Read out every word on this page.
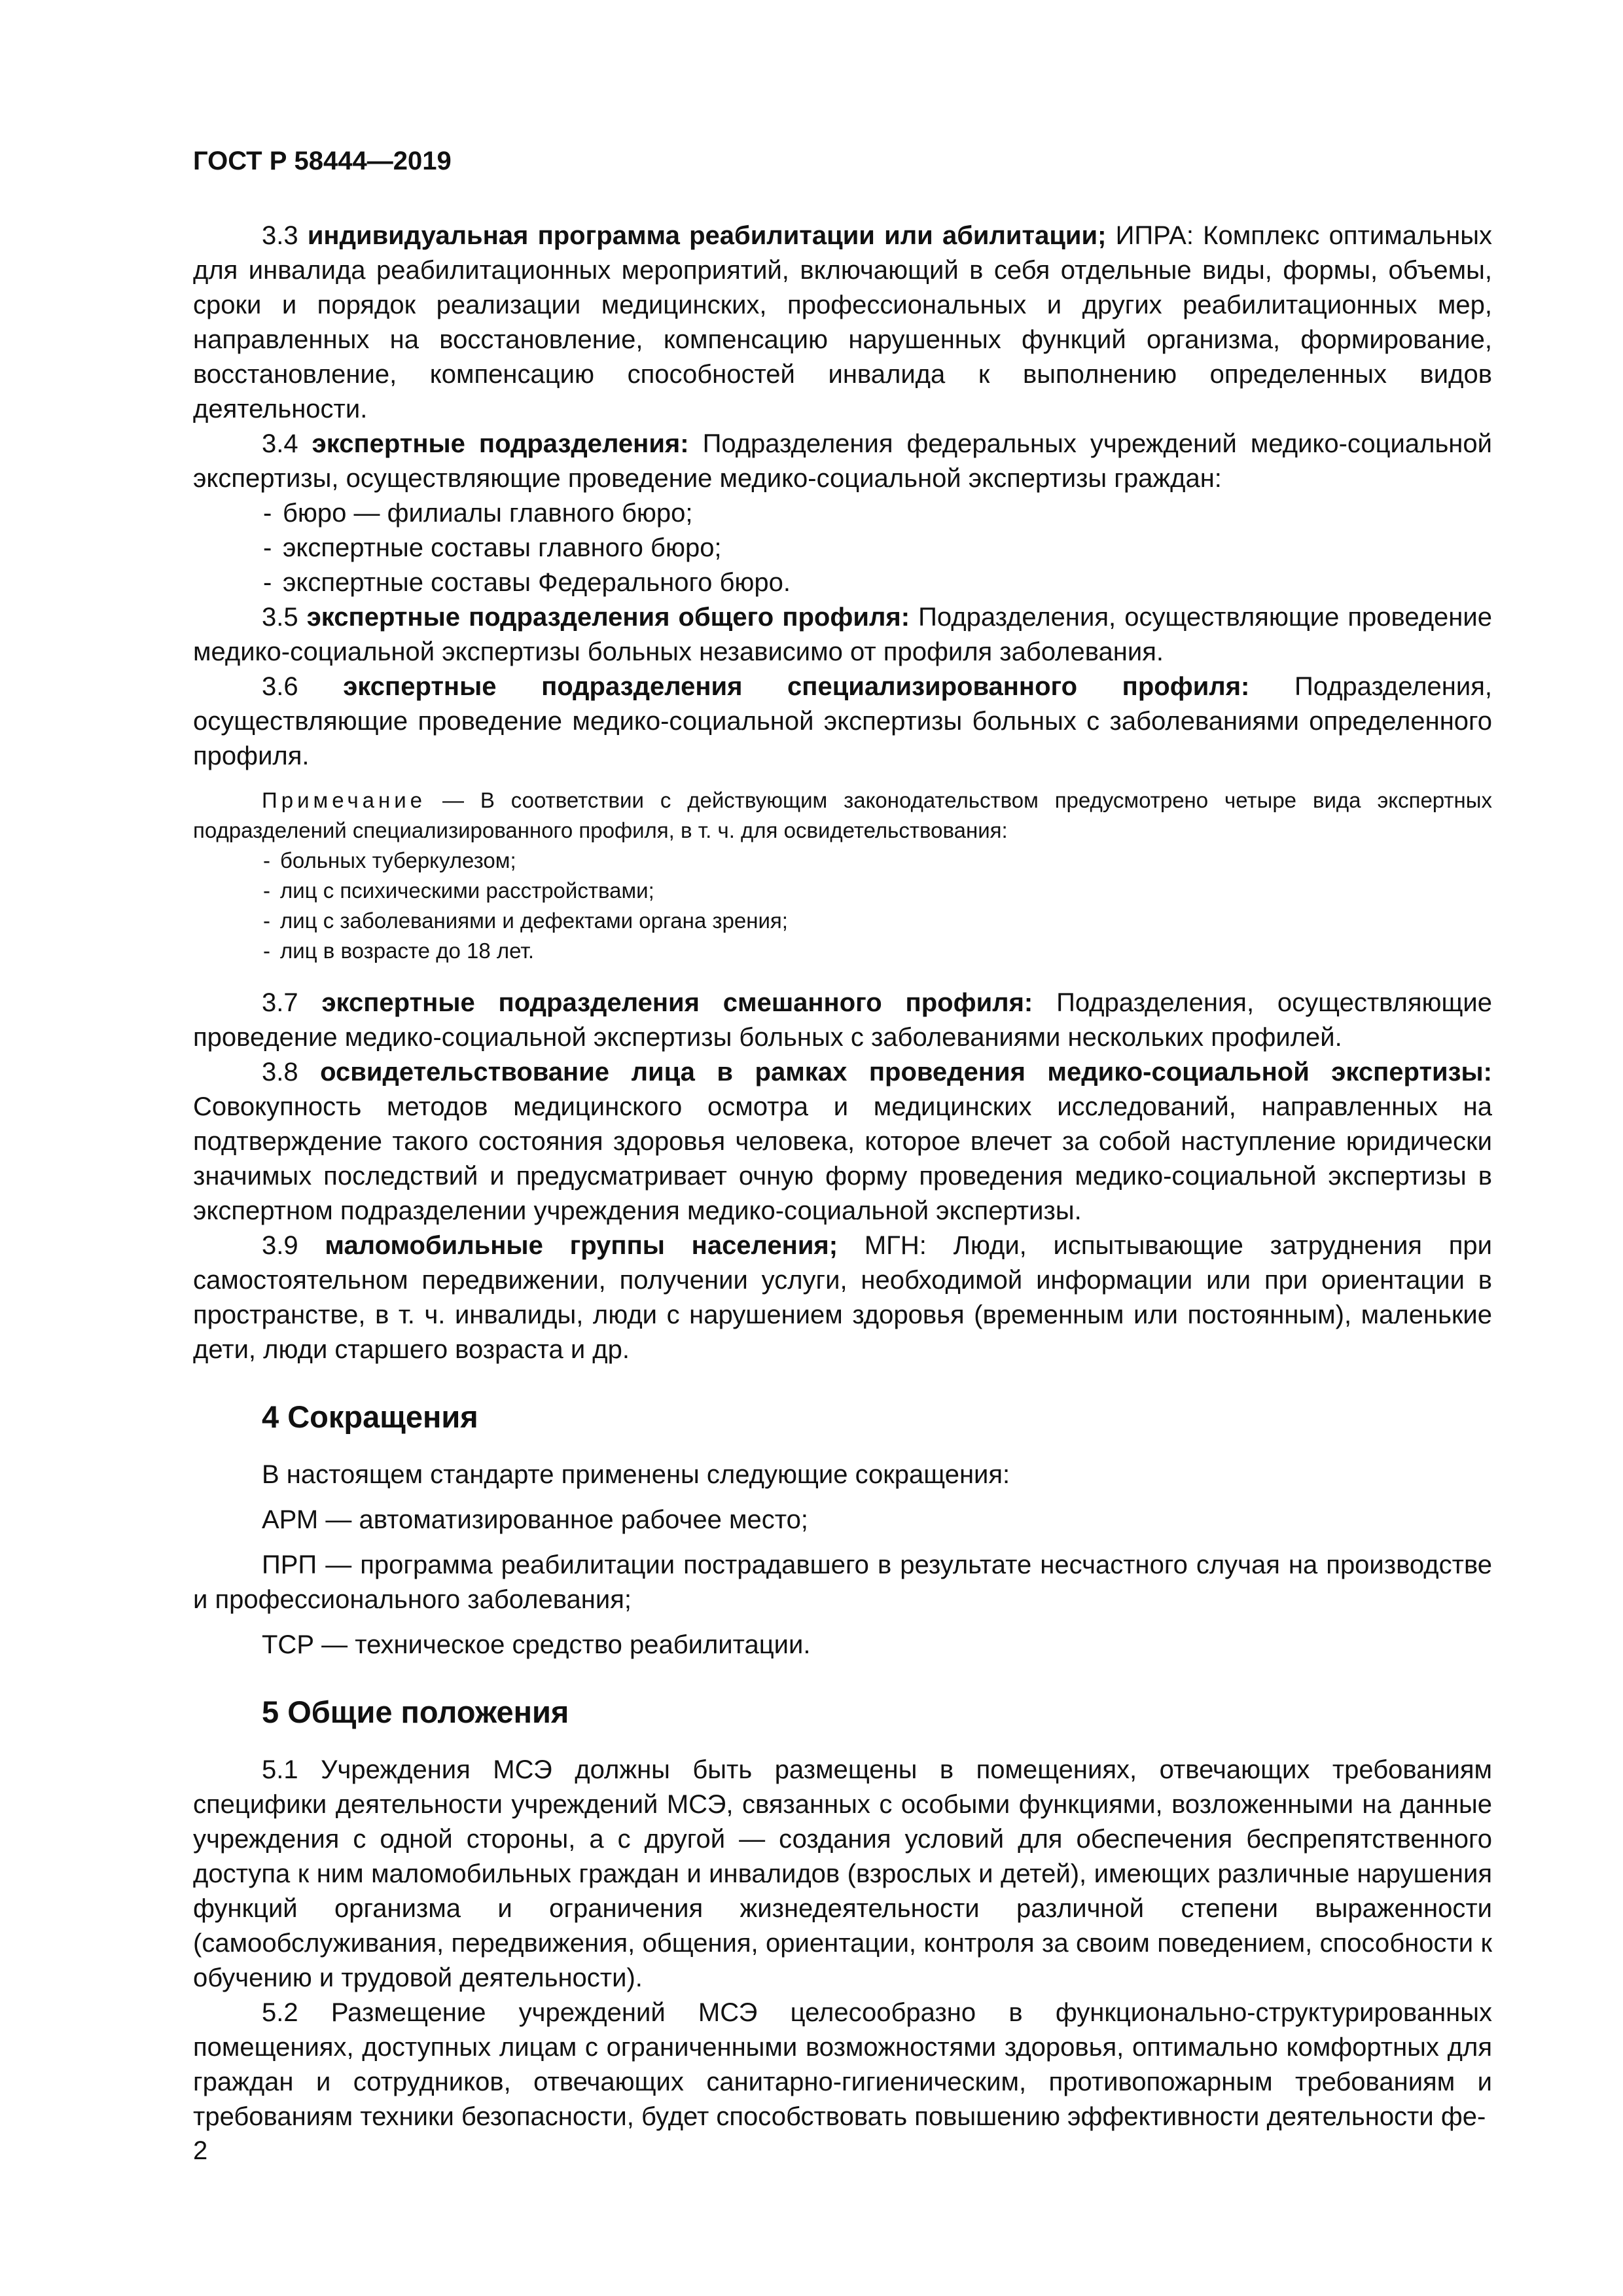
ГОСТ Р 58444—2019

3.3 индивидуальная программа реабилитации или абилитации; ИПРА: Комплекс оптимальных для инвалида реабилитационных мероприятий, включающий в себя отдельные виды, формы, объемы, сроки и порядок реализации медицинских, профессиональных и других реабилитационных мер, направленных на восстановление, компенсацию нарушенных функций организма, формирование, восстановление, компенсацию способностей инвалида к выполнению определенных видов деятельности.

3.4 экспертные подразделения: Подразделения федеральных учреждений медико-социальной экспертизы, осуществляющие проведение медико-социальной экспертизы граждан:

- бюро — филиалы главного бюро;
- экспертные составы главного бюро;
- экспертные составы Федерального бюро.

3.5 экспертные подразделения общего профиля: Подразделения, осуществляющие проведение медико-социальной экспертизы больных независимо от профиля заболевания.

3.6 экспертные подразделения специализированного профиля: Подразделения, осуществляющие проведение медико-социальной экспертизы больных с заболеваниями определенного профиля.

Примечание — В соответствии с действующим законодательством предусмотрено четыре вида экспертных подразделений специализированного профиля, в т. ч. для освидетельствования:

- больных туберкулезом;
- лиц с психическими расстройствами;
- лиц с заболеваниями и дефектами органа зрения;
- лиц в возрасте до 18 лет.

3.7 экспертные подразделения смешанного профиля: Подразделения, осуществляющие проведение медико-социальной экспертизы больных с заболеваниями нескольких профилей.

3.8 освидетельствование лица в рамках проведения медико-социальной экспертизы: Совокупность методов медицинского осмотра и медицинских исследований, направленных на подтверждение такого состояния здоровья человека, которое влечет за собой наступление юридически значимых последствий и предусматривает очную форму проведения медико-социальной экспертизы в экспертном подразделении учреждения медико-социальной экспертизы.

3.9 маломобильные группы населения; МГН: Люди, испытывающие затруднения при самостоятельном передвижении, получении услуги, необходимой информации или при ориентации в пространстве, в т. ч. инвалиды, люди с нарушением здоровья (временным или постоянным), маленькие дети, люди старшего возраста и др.

4 Сокращения

В настоящем стандарте применены следующие сокращения:

АРМ — автоматизированное рабочее место;

ПРП — программа реабилитации пострадавшего в результате несчастного случая на производстве и профессионального заболевания;

ТСР — техническое средство реабилитации.

5 Общие положения

5.1 Учреждения МСЭ должны быть размещены в помещениях, отвечающих требованиям специфики деятельности учреждений МСЭ, связанных с особыми функциями, возложенными на данные учреждения с одной стороны, а с другой — создания условий для обеспечения беспрепятственного доступа к ним маломобильных граждан и инвалидов (взрослых и детей), имеющих различные нарушения функций организма и ограничения жизнедеятельности различной степени выраженности (самообслуживания, передвижения, общения, ориентации, контроля за своим поведением, способности к обучению и трудовой деятельности).

5.2 Размещение учреждений МСЭ целесообразно в функционально-структурированных помещениях, доступных лицам с ограниченными возможностями здоровья, оптимально комфортных для граждан и сотрудников, отвечающих санитарно-гигиеническим, противопожарным требованиям и требованиям техники безопасности, будет способствовать повышению эффективности деятельности фе-

2
